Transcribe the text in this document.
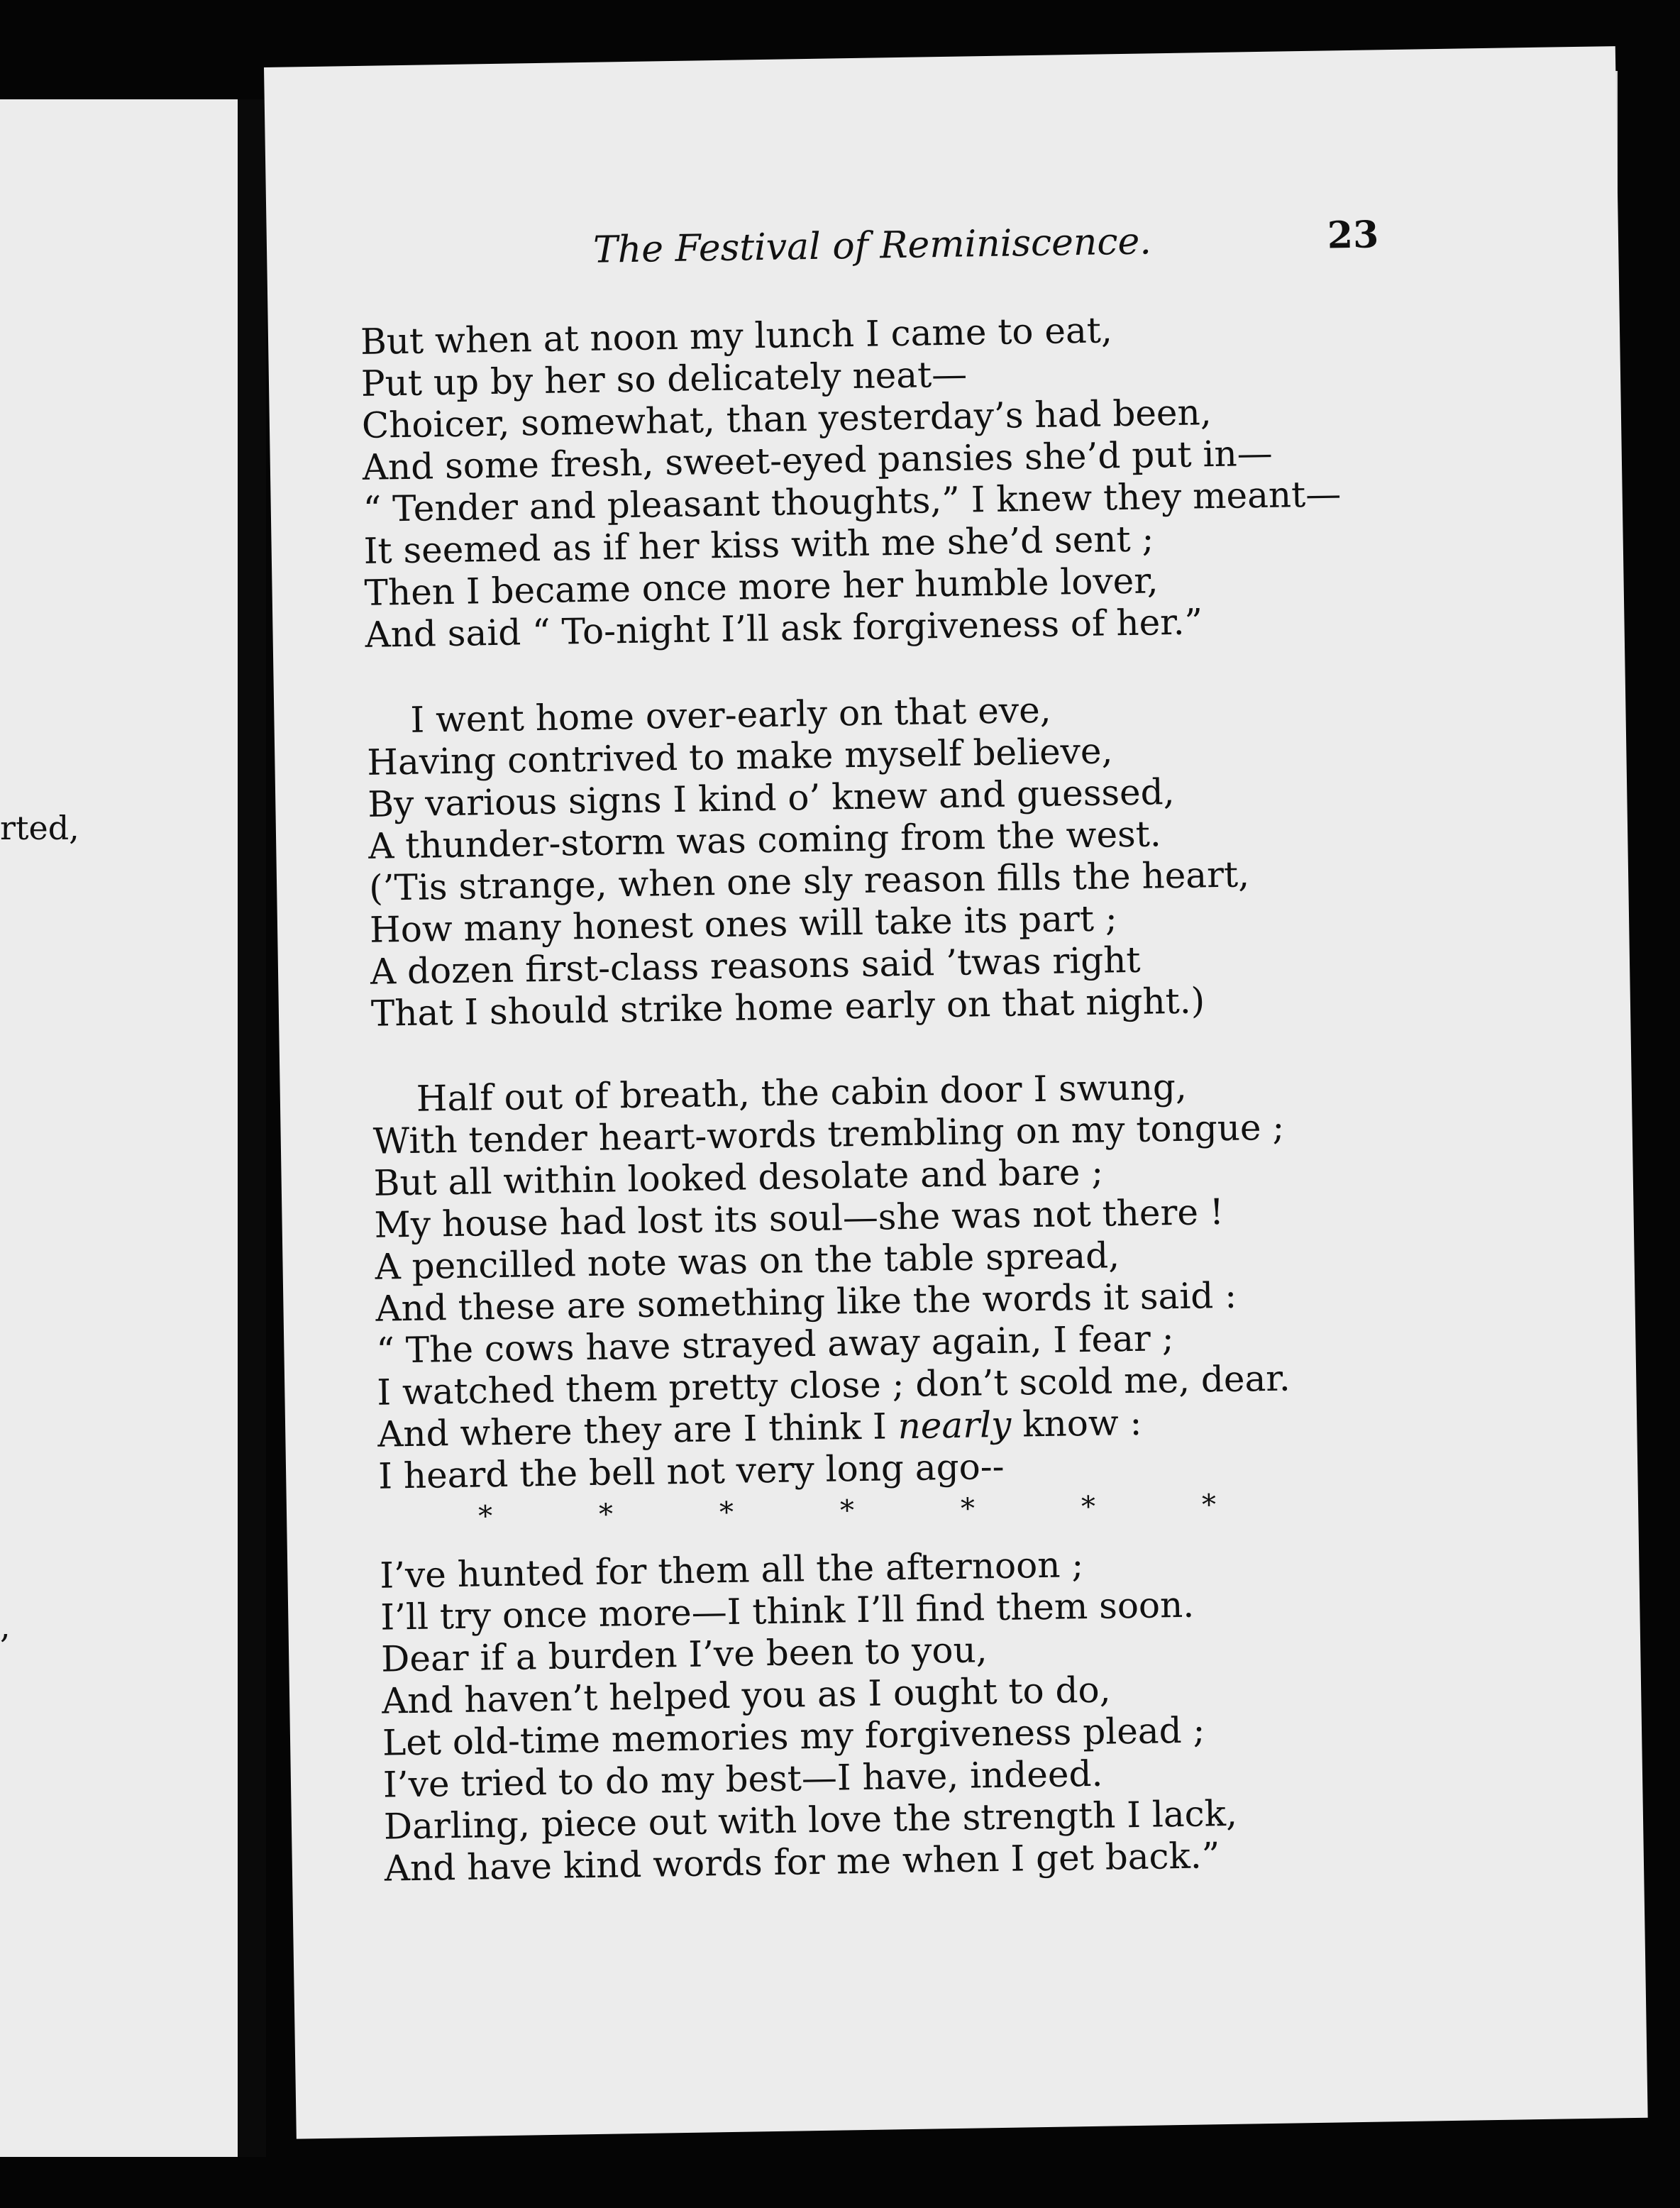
rted,
,
The Festival of Reminiscence.	23
But when at noon my lunch I came to eat,
Put up by her so delicately neat—
Choicer, somewhat, than yesterday’s had been,
And some fresh, sweet-eyed pansies she’d put in—
“ Tender and pleasant thoughts,” I knew they meant—
It seemed as if her kiss with me she’d sent ;
Then I became once more her humble lover,
And said “ To-night I’ll ask forgiveness of her.”
I went home over-early on that eve,
Having contrived to make myself believe,
By various signs I kind o’ knew and guessed,
A thunder-storm was coming from the west.
(’Tis strange, when one sly reason fills the heart,
How many honest ones will take its part ;
A dozen first-class reasons said ’twas right
That I should strike home early on that night.)
Half out of breath, the cabin door I swung,
With tender heart-words trembling on my tongue ;
But all within looked desolate and bare ;
My house had lost its soul—she was not there !
A pencilled note was on the table spread,
And these are something like the words it said :
“ The cows have strayed away again, I fear ;
I watched them pretty close ; don’t scold me, dear.
And where they are I think I nearly know :
I heard the bell not very long ago--
*	*	*	*	*	*	*
I’ve hunted for them all the afternoon ;
I’ll try once more—I think I’ll find them soon.
Dear if a burden I’ve been to you,
And haven’t helped you as I ought to do,
Let old-time memories my forgiveness plead ;
I’ve tried to do my best—I have, indeed.
Darling, piece out with love the strength I lack,
And have kind words for me when I get back.”
